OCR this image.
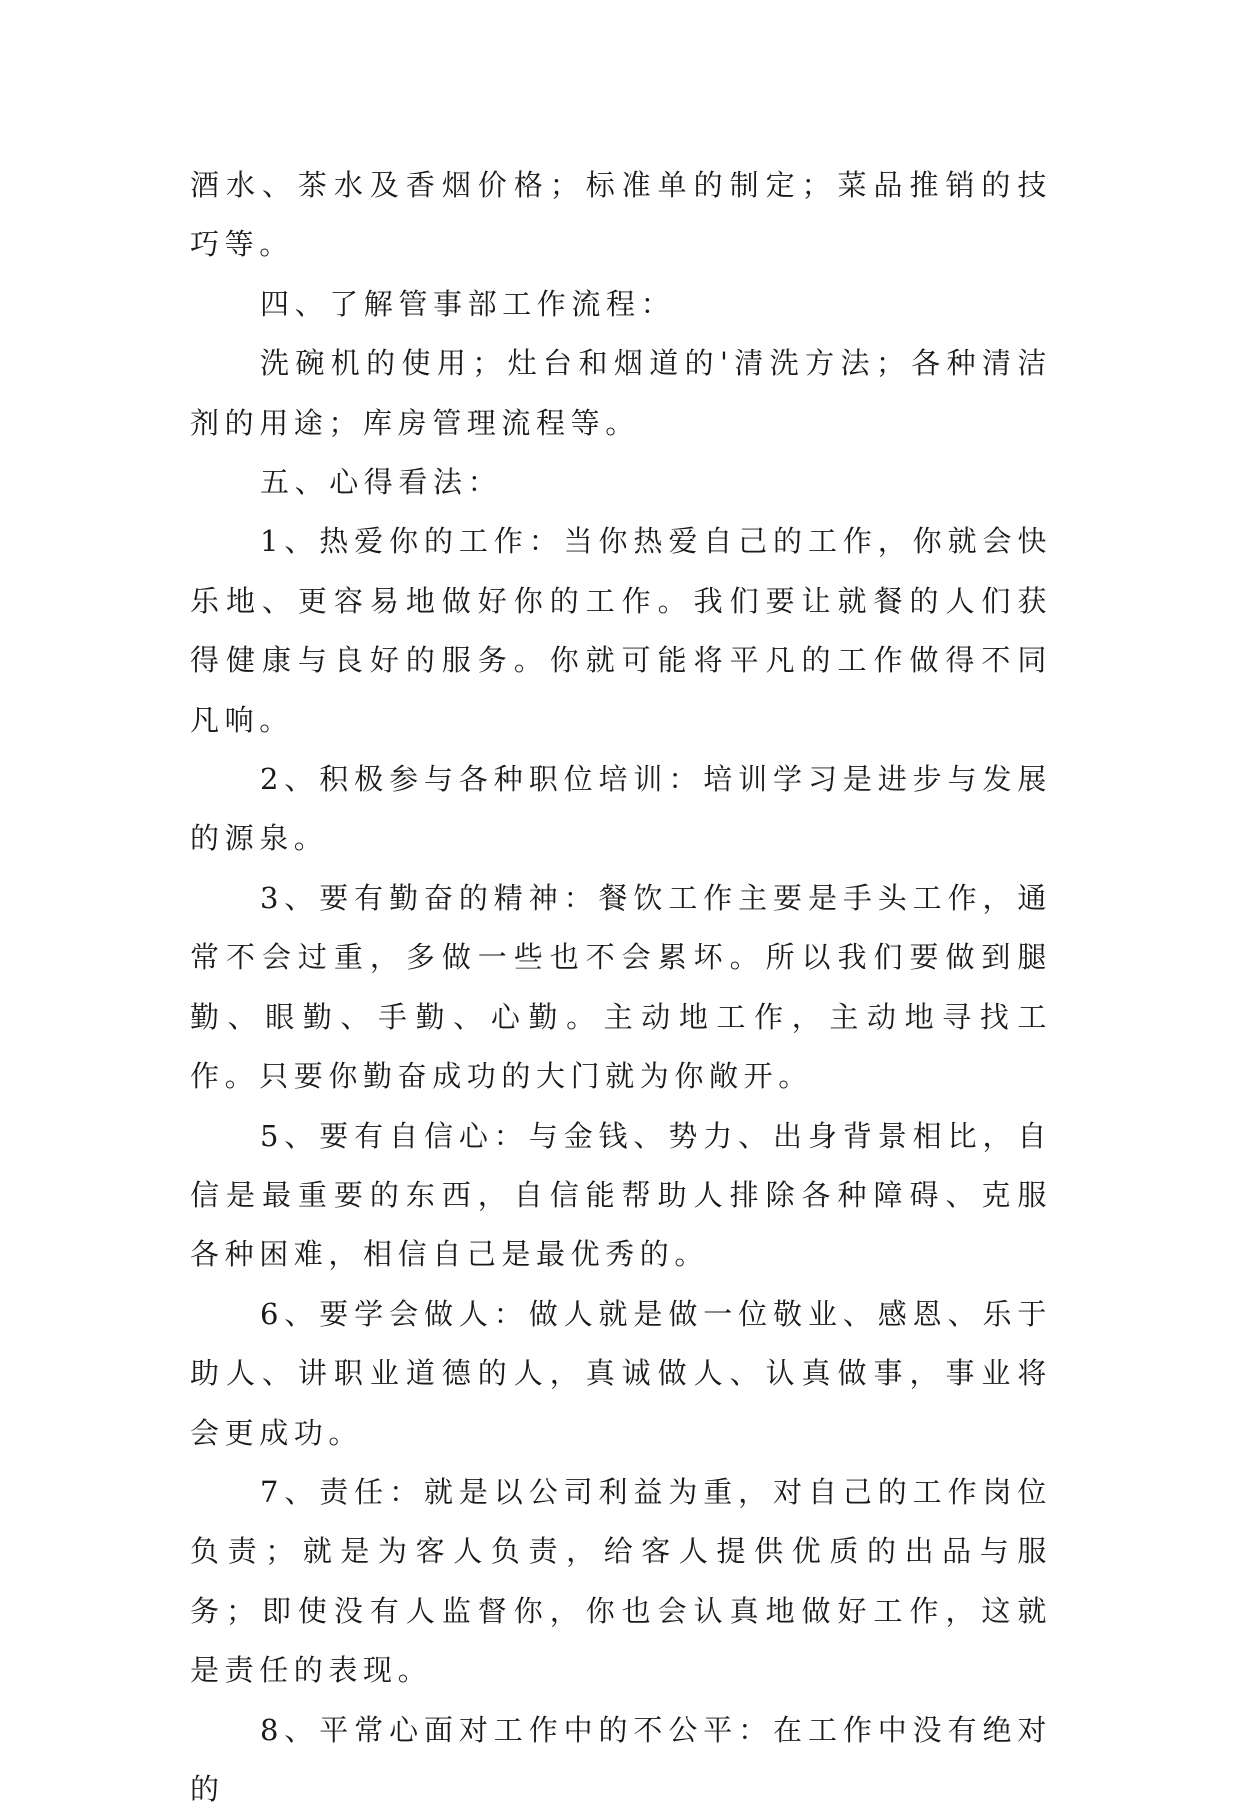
酒水、茶水及香烟价格；标准单的制定；菜品推销的技巧等。

四、了解管事部工作流程：

洗碗机的使用；灶台和烟道的'清洗方法；各种清洁剂的用途；库房管理流程等。

五、心得看法：

1、热爱你的工作：当你热爱自己的工作，你就会快乐地、更容易地做好你的工作。我们要让就餐的人们获得健康与良好的服务。你就可能将平凡的工作做得不同凡响。

2、积极参与各种职位培训：培训学习是进步与发展的源泉。

3、要有勤奋的精神：餐饮工作主要是手头工作，通常不会过重，多做一些也不会累坏。所以我们要做到腿勤、眼勤、手勤、心勤。主动地工作，主动地寻找工作。只要你勤奋成功的大门就为你敞开。

5、要有自信心：与金钱、势力、出身背景相比，自信是最重要的东西，自信能帮助人排除各种障碍、克服各种困难，相信自己是最优秀的。

6、要学会做人：做人就是做一位敬业、感恩、乐于助人、讲职业道德的人，真诚做人、认真做事，事业将会更成功。

7、责任：就是以公司利益为重，对自己的工作岗位负责；就是为客人负责，给客人提供优质的出品与服务；即使没有人监督你，你也会认真地做好工作，这就是责任的表现。

8、平常心面对工作中的不公平：在工作中没有绝对的
